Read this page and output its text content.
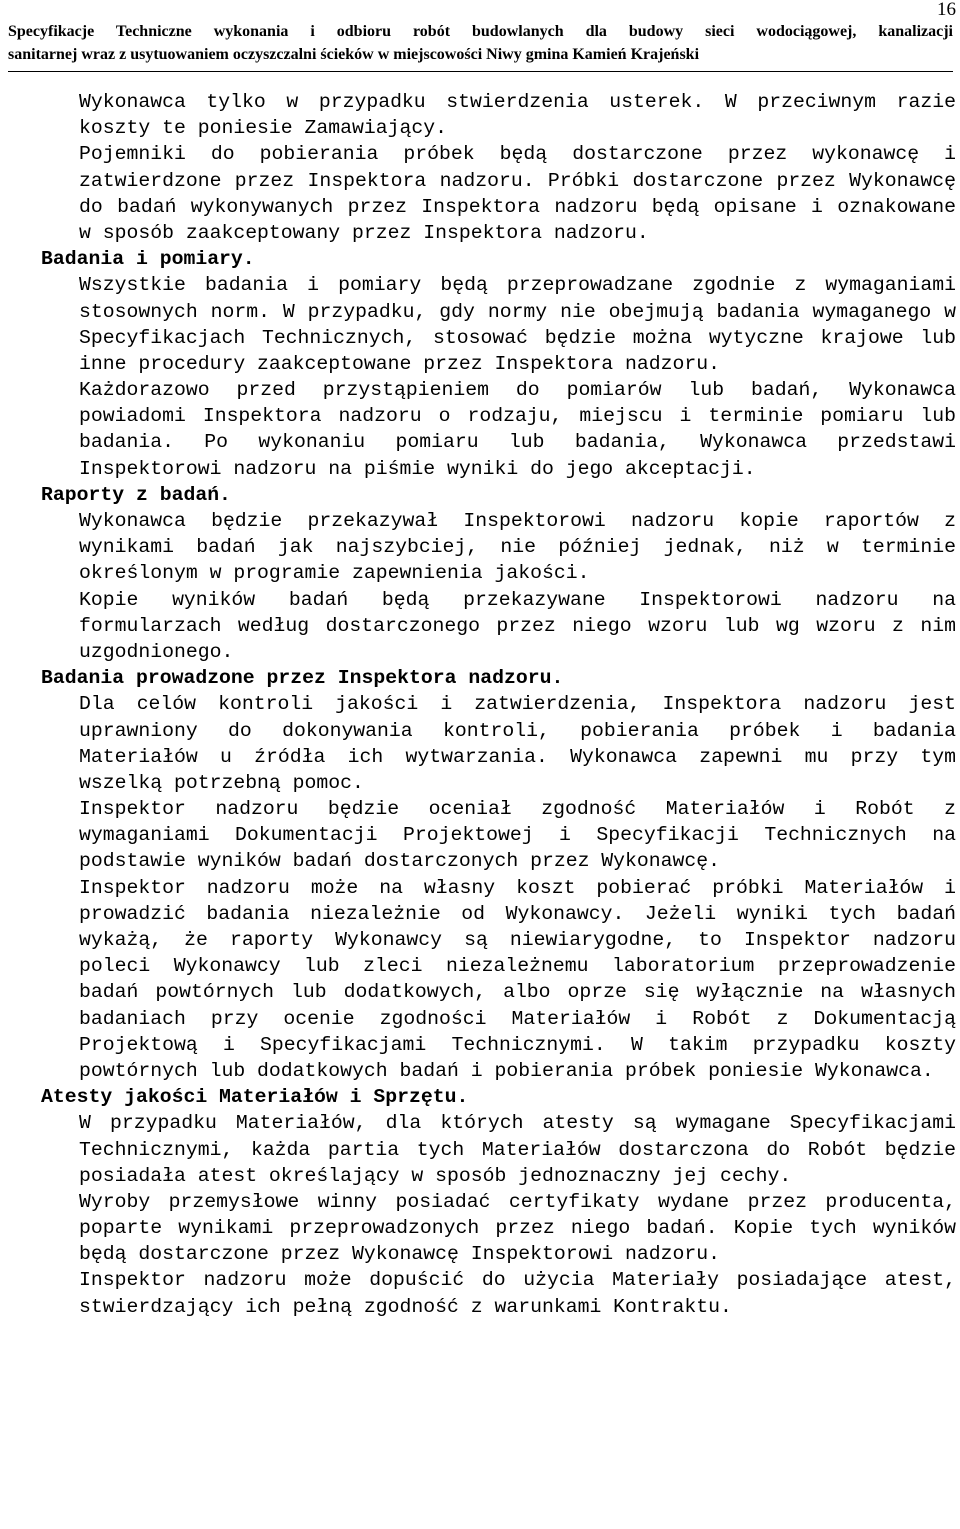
16
Specyfikacje Techniczne wykonania i odbioru robót budowlanych dla budowy sieci wodociągowej, kanalizacji
sanitarnej wraz z usytuowaniem oczyszczalni ścieków w miejscowości Niwy gmina Kamień Krajeński

Wykonawca tylko w przypadku stwierdzenia usterek. W przeciwnym razie koszty te poniesie Zamawiający.

Pojemniki do pobierania próbek będą dostarczone przez wykonawcę i zatwierdzone przez Inspektora nadzoru. Próbki dostarczone przez Wykonawcę do badań wykonywanych przez Inspektora nadzoru będą opisane i oznakowane w sposób zaakceptowany przez Inspektora nadzoru.

Badania i pomiary.

Wszystkie badania i pomiary będą przeprowadzane zgodnie z wymaganiami stosownych norm. W przypadku, gdy normy nie obejmują badania wymaganego w Specyfikacjach Technicznych, stosować będzie można wytyczne krajowe lub inne procedury zaakceptowane przez Inspektora nadzoru.

Każdorazowo przed przystąpieniem do pomiarów lub badań, Wykonawca powiadomi Inspektora nadzoru o rodzaju, miejscu i terminie pomiaru lub badania. Po wykonaniu pomiaru lub badania, Wykonawca przedstawi Inspektorowi nadzoru na piśmie wyniki do jego akceptacji.

Raporty z badań.

Wykonawca będzie przekazywał Inspektorowi nadzoru kopie raportów z wynikami badań jak najszybciej, nie później jednak, niż w terminie określonym w programie zapewnienia jakości.

Kopie wyników badań będą przekazywane Inspektorowi nadzoru na formularzach według dostarczonego przez niego wzoru lub wg wzoru z nim uzgodnionego.

Badania prowadzone przez Inspektora nadzoru.

Dla celów kontroli jakości i zatwierdzenia, Inspektora nadzoru jest uprawniony do dokonywania kontroli, pobierania próbek i badania Materiałów u źródła ich wytwarzania. Wykonawca zapewni mu przy tym wszelką potrzebną pomoc.

Inspektor nadzoru będzie oceniał zgodność Materiałów i Robót z wymaganiami Dokumentacji Projektowej i Specyfikacji Technicznych na podstawie wyników badań dostarczonych przez Wykonawcę.

Inspektor nadzoru może na własny koszt pobierać próbki Materiałów i prowadzić badania niezależnie od Wykonawcy. Jeżeli wyniki tych badań wykażą, że raporty Wykonawcy są niewiarygodne, to Inspektor nadzoru poleci Wykonawcy lub zleci niezależnemu laboratorium przeprowadzenie badań powtórnych lub dodatkowych, albo oprze się wyłącznie na własnych badaniach przy ocenie zgodności Materiałów i Robót z Dokumentacją Projektową i Specyfikacjami Technicznymi. W takim przypadku koszty powtórnych lub dodatkowych badań i pobierania próbek poniesie Wykonawca.

Atesty jakości Materiałów i Sprzętu.

W przypadku Materiałów, dla których atesty są wymagane Specyfikacjami Technicznymi, każda partia tych Materiałów dostarczona do Robót będzie posiadała atest określający w sposób jednoznaczny jej cechy.

Wyroby przemysłowe winny posiadać certyfikaty wydane przez producenta, poparte wynikami przeprowadzonych przez niego badań. Kopie tych wyników będą dostarczone przez Wykonawcę Inspektorowi nadzoru.

Inspektor nadzoru może dopuścić do użycia Materiały posiadające atest, stwierdzający ich pełną zgodność z warunkami Kontraktu.
